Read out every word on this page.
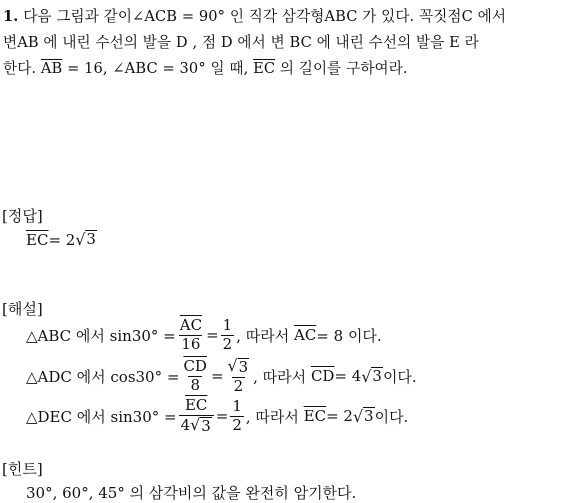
1. 다음 그림과 같이∠ACB = 90° 인 직각 삼각형ABC 가 있다. 꼭짓점C 에서
변AB 에 내린 수선의 발을 D , 점 D 에서 변 BC 에 내린 수선의 발을 E 라
한다. $\overline{AB} = 16$, ∠ABC = 30° 일 때, $\overline{EC}$ 의 길이를 구하여라.
[정답]
$\overline{EC} = 2$ √ 3
[해설]
△ABC 에서 $\sin 30^\circ = \frac{\overline{AC}}{16} = \frac{1}{2}$ , 따라서
$\overline{AC} = 8$ 이다.
△ADC 에서 $\cos 30^\circ = \frac{\overline{CD}}{8} = \frac{√ 3}{2}$ , 따라서
$\overline{CD} = 4$ √ 3 이다.
△DEC 에서 $\sin 30^\circ = \frac{\overline{EC}}{4 √ 3} = \frac{1}{2}$ , 따라서
$\overline{EC} = 2$ √ 3 이다.
[힌트]
30°, 60°, 45° 의 삼각비의 값을 완전히 암기한다.
